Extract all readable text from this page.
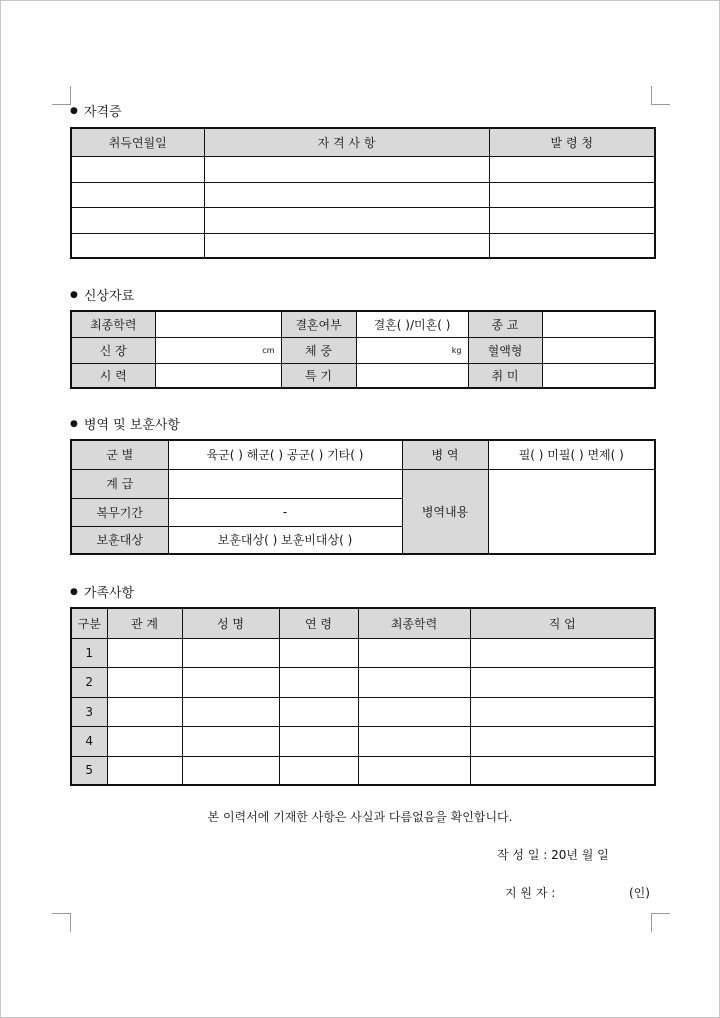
● 자격증
취득연월일	자 격 사 항	발 령 청

● 신상자료
최종학력		결혼여부	결혼( )/미혼( )	종 교	
신 장	cm	체 중	kg	혈액형	
시 력		특 기		취 미	
● 병역 및 보훈사항
군 별	육군( ) 해군( ) 공군( ) 기타( )	병 역	필( ) 미필( ) 면제( )
계 급		병역내용	
복무기간	-		
보훈대상	보훈대상( ) 보훈비대상( )		
● 가족사항
구분	관 계	성 명	연 령	최종학력	직 업
1					
2					
3					
4					
5					
본 이력서에 기재한 사항은 사실과 다름없음을 확인합니다.
작 성 일 : 20년 월 일
지 원 자 :	(인)
